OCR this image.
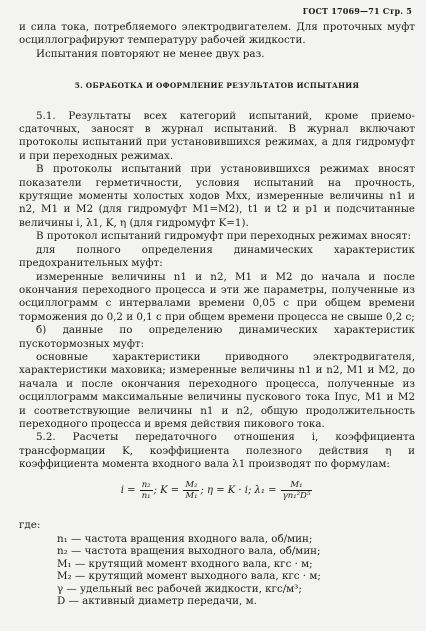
ГОСТ 17069—71 Стр. 5

и сила тока, потребляемого электродвигателем. Для проточных муфт осциллографируют температуру рабочей жидкости.

Испытания повторяют не менее двух раз.

5. ОБРАБОТКА И ОФОРМЛЕНИЕ РЕЗУЛЬТАТОВ ИСПЫТАНИЯ

5.1. Результаты всех категорий испытаний, кроме приемо-сдаточных, заносят в журнал испытаний. В журнал включают протоколы испытаний при установившихся режимах, а для гидромуфт и при переходных режимах.

В протоколы испытаний при установившихся режимах вносят показатели герметичности, условия испытаний на прочность, крутящие моменты холостых ходов Mхх, измеренные величины n1 и n2, M1 и M2 (для гидромуфт M1=M2), t1 и t2 и p1 и подсчитанные величины i, λ1, K, η (для гидромуфт K=1).

В протокол испытаний гидромуфт при переходных режимах вносят:

для полного определения динамических характеристик предохранительных муфт:

измеренные величины n1 и n2, M1 и M2 до начала и после окончания переходного процесса и эти же параметры, полученные из осциллограмм с интервалами времени 0,05 с при общем времени торможения до 0,2 и 0,1 с при общем времени процесса не свыше 0,2 с;

б) данные по определению динамических характеристик пускотормозных муфт:

основные характеристики приводного электродвигателя, характеристики маховика; измеренные величины n1 и n2, M1 и M2, до начала и после окончания переходного процесса, полученные из осциллограмм максимальные величины пускового тока Iпус, M1 и M2 и соответствующие величины n1 и n2, общую продолжительность переходного процесса и время действия пикового тока.

5.2. Расчеты передаточного отношения i, коэффициента трансформации K, коэффициента полезного действия η и коэффициента момента входного вала λ1 производят по формулам:

$i = \frac{\text{n₂}}{\text{n₁}}$ ; $K = \frac{\text{M₂}}{\text{M₁}}$ ; η = K · i; $\lambda_1 = \frac{\text{M₁}}{\text{γn₁²D⁵}}$
где:
n₁ — частота вращения входного вала, об/мин;
n₂ — частота вращения выходного вала, об/мин;
M₁ — крутящий момент входного вала, кгс · м;
M₂ — крутящий момент выходного вала, кгс · м;
γ — удельный вес рабочей жидкости, кгс/м³;
D — активный диаметр передачи, м.
